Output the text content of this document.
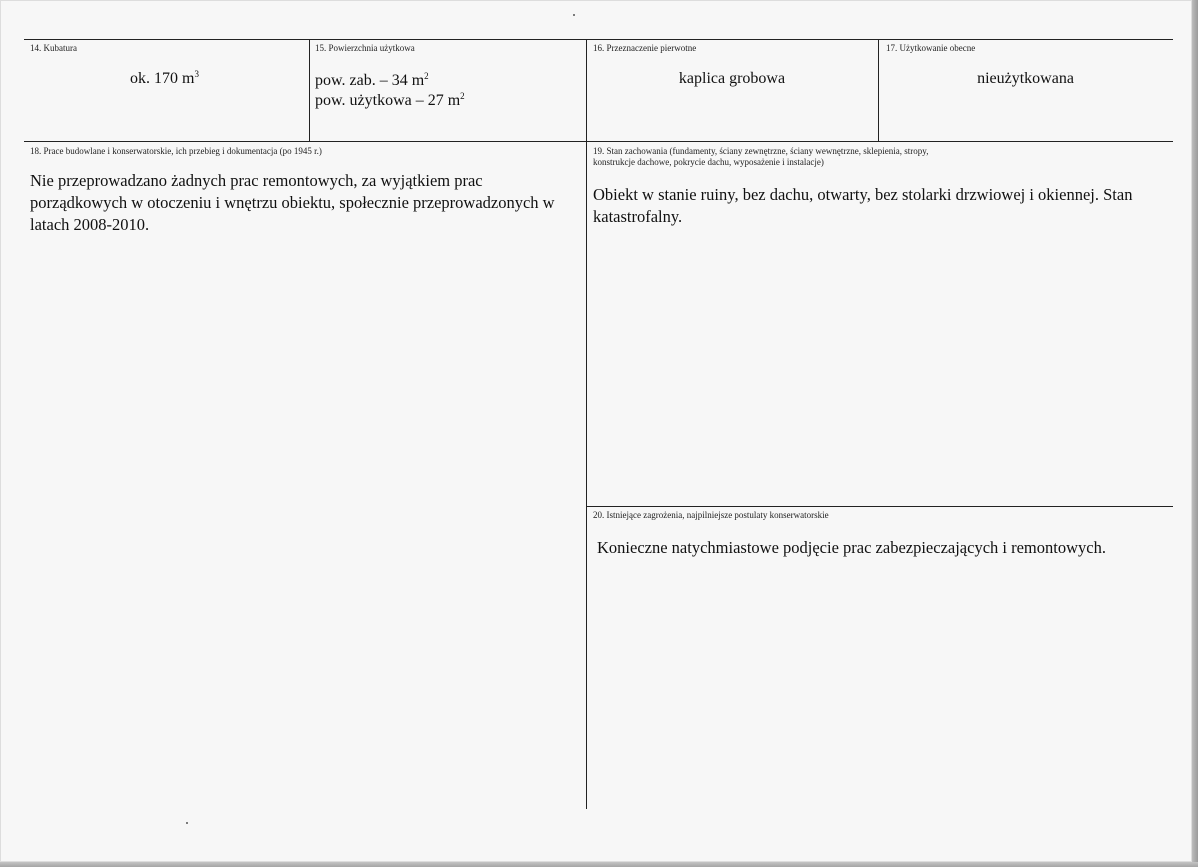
14. Kubatura
ok. 170 $m^3$
15. Powierzchnia użytkowa
pow. zab. – 34 $m^2$
pow. użytkowa – 27 $m^2$
16. Przeznaczenie pierwotne
kaplica grobowa
17. Użytkowanie obecne
nieużytkowana
18. Prace budowlane i konserwatorskie, ich przebieg i dokumentacja (po 1945 r.)
Nie przeprowadzano żadnych prac remontowych, za wyjątkiem prac porządkowych w otoczeniu i wnętrzu obiektu, społecznie przeprowadzonych w latach 2008-2010.
19. Stan zachowania (fundamenty, ściany zewnętrzne, ściany wewnętrzne, sklepienia, stropy,
konstrukcje dachowe, pokrycie dachu, wyposażenie i instalacje)
Obiekt w stanie ruiny, bez dachu, otwarty, bez stolarki drzwiowej i okiennej. Stan katastrofalny.
20. Istniejące zagrożenia, najpilniejsze postulaty konserwatorskie
Konieczne natychmiastowe podjęcie prac zabezpieczających i remontowych.
